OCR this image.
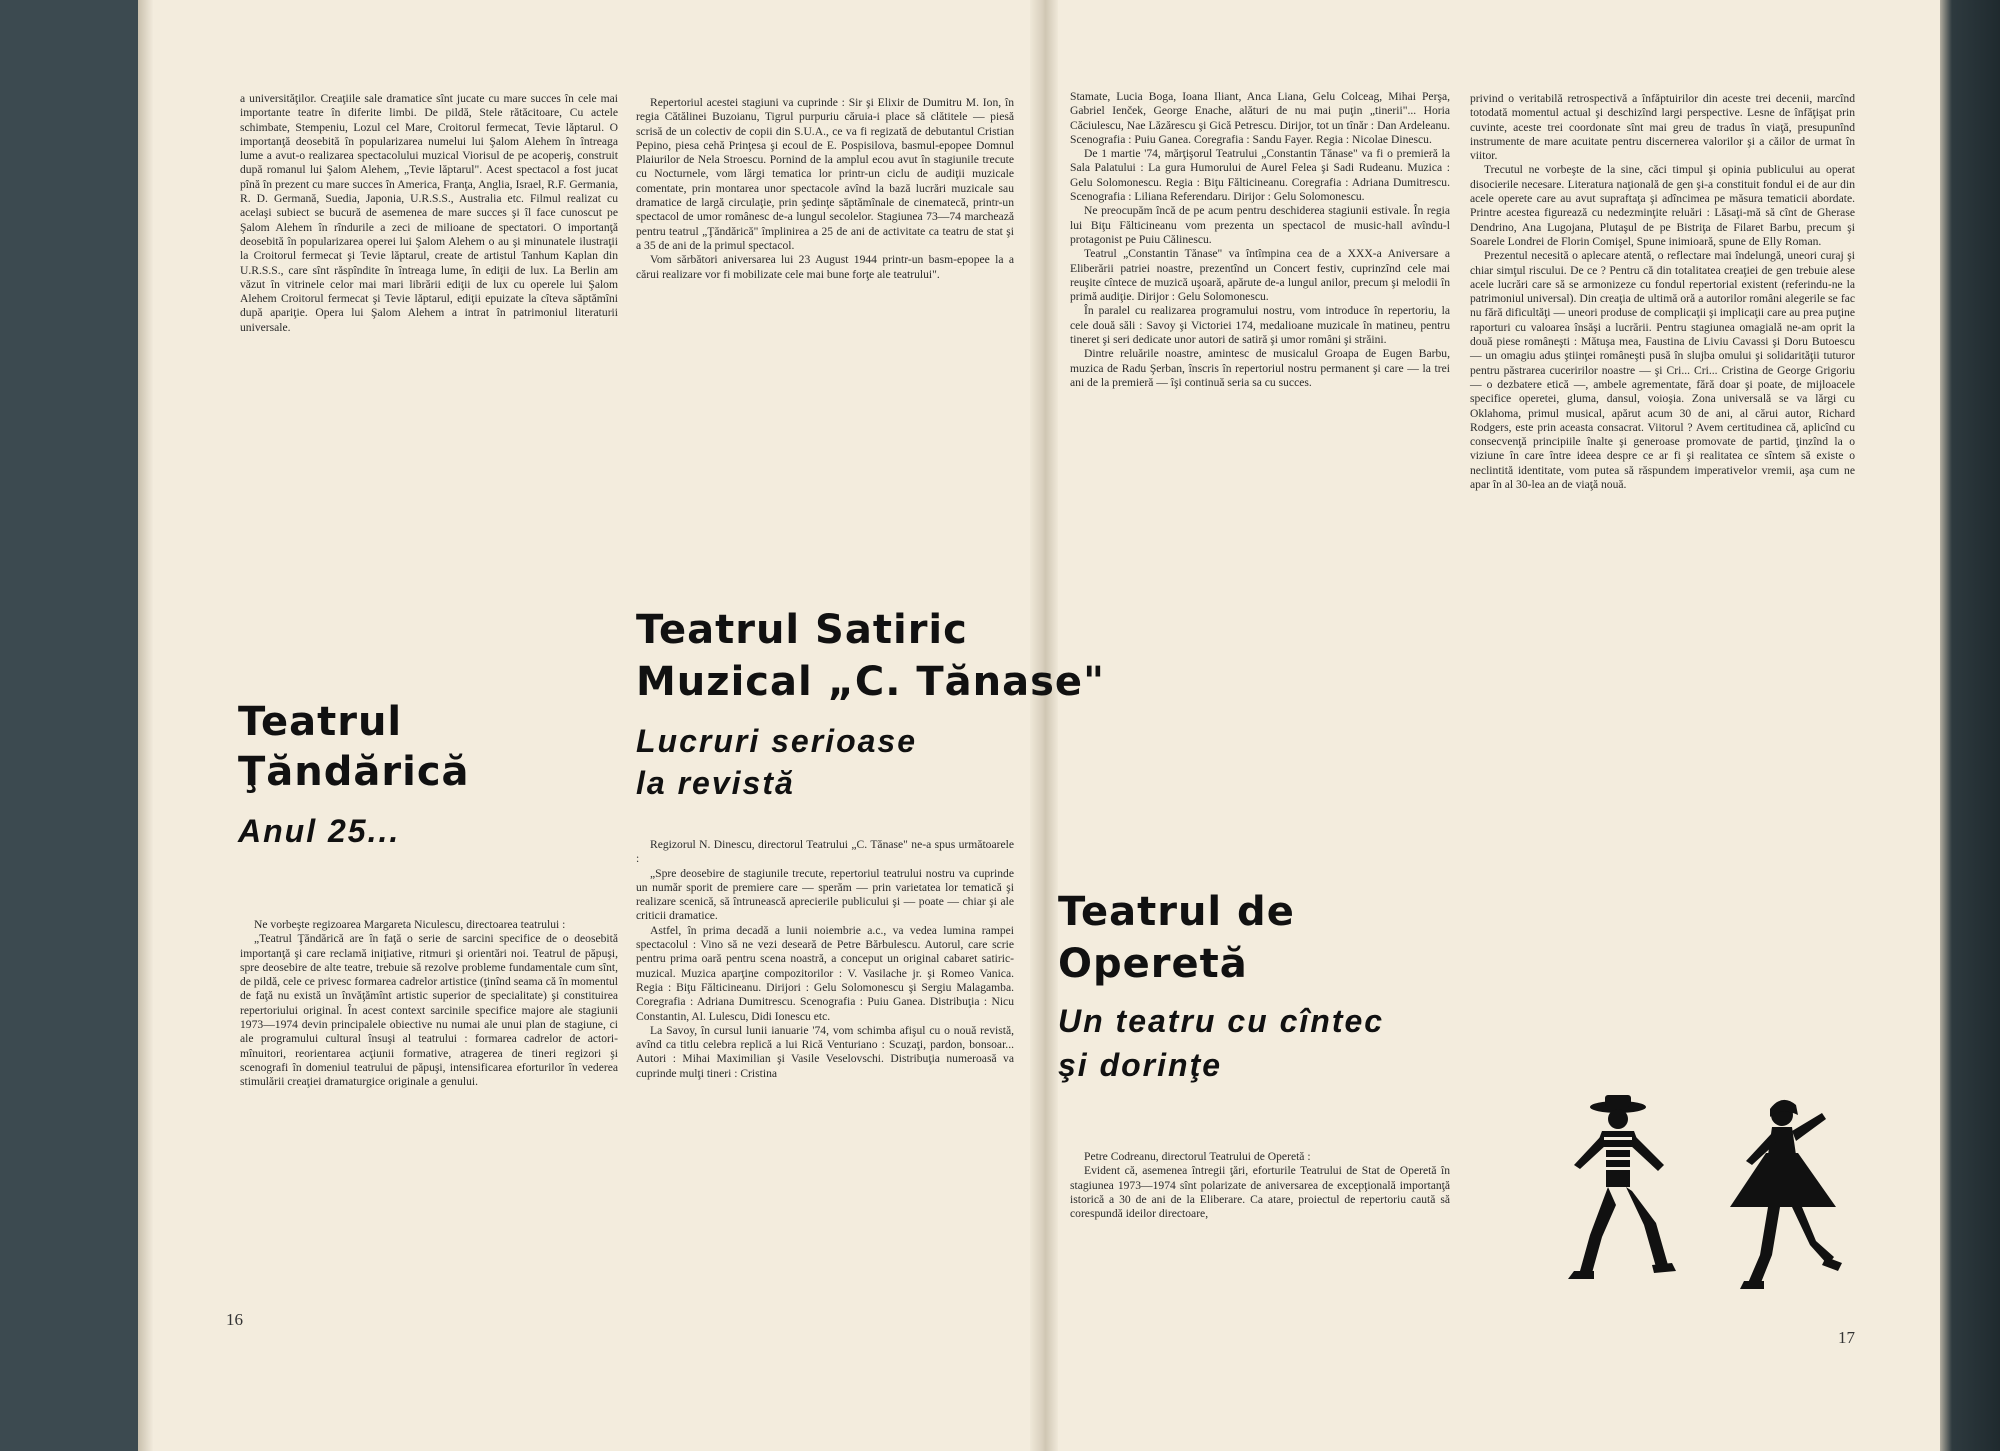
a universităţilor. Creaţiile sale dramatice sînt jucate cu mare succes în cele mai importante teatre în diferite limbi. De pildă, Stele rătăcitoare, Cu actele schimbate, Stempeniu, Lozul cel Mare, Croitorul fermecat, Tevie lăptarul. O importanţă deosebită în popularizarea numelui lui Şalom Alehem în întreaga lume a avut-o realizarea spectacolului muzical Viorisul de pe acoperiş, construit după romanul lui Şalom Alehem, „Tevie lăptarul". Acest spectacol a fost jucat pînă în prezent cu mare succes în America, Franţa, Anglia, Israel, R.F. Germania, R. D. Germană, Suedia, Japonia, U.R.S.S., Australia etc. Filmul realizat cu acelaşi subiect se bucură de asemenea de mare succes şi îl face cunoscut pe Şalom Alehem în rîndurile a zeci de milioane de spectatori. O importanţă deosebită în popularizarea operei lui Şalom Alehem o au şi minunatele ilustraţii la Croitorul fermecat şi Tevie lăptarul, create de artistul Tanhum Kaplan din U.R.S.S., care sînt răspîndite în întreaga lume, în ediţii de lux. La Berlin am văzut în vitrinele celor mai mari librării ediţii de lux cu operele lui Şalom Alehem Croitorul fermecat şi Tevie lăptarul, ediţii epuizate la cîteva săptămîni după apariţie. Opera lui Şalom Alehem a intrat în patrimoniul literaturii universale.

Teatrul
Ţăndărică
Anul 25...

Ne vorbeşte regizoarea Margareta Niculescu, directoarea teatrului :

„Teatrul Ţăndărică are în faţă o serie de sarcini specifice de o deosebită importanţă şi care reclamă iniţiative, ritmuri şi orientări noi. Teatrul de păpuşi, spre deosebire de alte teatre, trebuie să rezolve probleme fundamentale cum sînt, de pildă, cele ce privesc formarea cadrelor artistice (ţinînd seama că în momentul de faţă nu există un învăţămînt artistic superior de specialitate) şi constituirea repertoriului original. În acest context sarcinile specifice majore ale stagiunii 1973—1974 devin principalele obiective nu numai ale unui plan de stagiune, ci ale programului cultural însuşi al teatrului : formarea cadrelor de actori-mînuitori, reorientarea acţiunii formative, atragerea de tineri regizori şi scenografi în domeniul teatrului de păpuşi, intensificarea eforturilor în vederea stimulării creaţiei dramaturgice originale a genului.

Repertoriul acestei stagiuni va cuprinde : Sir şi Elixir de Dumitru M. Ion, în regia Cătălinei Buzoianu, Tigrul purpuriu căruia-i place să clătitele — piesă scrisă de un colectiv de copii din S.U.A., ce va fi regizată de debutantul Cristian Pepino, piesa cehă Prinţesa şi ecoul de E. Pospisilova, basmul-epopee Domnul Plaiurilor de Nela Stroescu. Pornind de la amplul ecou avut în stagiunile trecute cu Nocturnele, vom lărgi tematica lor printr-un ciclu de audiţii muzicale comentate, prin montarea unor spectacole avînd la bază lucrări muzicale sau dramatice de largă circulaţie, prin şedinţe săptămînale de cinematecă, printr-un spectacol de umor românesc de-a lungul secolelor. Stagiunea 73—74 marchează pentru teatrul „Ţăndărică" împlinirea a 25 de ani de activitate ca teatru de stat şi a 35 de ani de la primul spectacol.

Vom sărbători aniversarea lui 23 August 1944 printr-un basm-epopee la a cărui realizare vor fi mobilizate cele mai bune forţe ale teatrului".

Teatrul Satiric
Muzical „C. Tănase"
Lucruri serioase
la revistă

Regizorul N. Dinescu, directorul Teatrului „C. Tănase" ne-a spus următoarele :

„Spre deosebire de stagiunile trecute, repertoriul teatrului nostru va cuprinde un număr sporit de premiere care — sperăm — prin varietatea lor tematică şi realizare scenică, să întrunească aprecierile publicului şi — poate — chiar şi ale criticii dramatice.

Astfel, în prima decadă a lunii noiembrie a.c., va vedea lumina rampei spectacolul : Vino să ne vezi deseară de Petre Bărbulescu. Autorul, care scrie pentru prima oară pentru scena noastră, a conceput un original cabaret satiric-muzical. Muzica aparţine compozitorilor : V. Vasilache jr. şi Romeo Vanica. Regia : Biţu Fălticineanu. Dirijori : Gelu Solomonescu şi Sergiu Malagamba. Coregrafia : Adriana Dumitrescu. Scenografia : Puiu Ganea. Distribuţia : Nicu Constantin, Al. Lulescu, Didi Ionescu etc.

La Savoy, în cursul lunii ianuarie '74, vom schimba afişul cu o nouă revistă, avînd ca titlu celebra replică a lui Rică Venturiano : Scuzaţi, pardon, bonsoar... Autori : Mihai Maximilian şi Vasile Veselovschi. Distribuţia numeroasă va cuprinde mulţi tineri : Cristina

Stamate, Lucia Boga, Ioana Iliant, Anca Liana, Gelu Colceag, Mihai Perşa, Gabriel Ienček, George Enache, alături de nu mai puţin „tinerii"... Horia Căciulescu, Nae Lăzărescu şi Gică Petrescu. Dirijor, tot un tînăr : Dan Ardeleanu. Scenografia : Puiu Ganea. Coregrafia : Sandu Fayer. Regia : Nicolae Dinescu.

De 1 martie '74, mărţişorul Teatrului „Constantin Tănase" va fi o premieră la Sala Palatului : La gura Humorului de Aurel Felea şi Sadi Rudeanu. Muzica : Gelu Solomonescu. Regia : Biţu Fălticineanu. Coregrafia : Adriana Dumitrescu. Scenografia : Liliana Referendaru. Dirijor : Gelu Solomonescu.

Ne preocupăm încă de pe acum pentru deschiderea stagiunii estivale. În regia lui Biţu Fălticineanu vom prezenta un spectacol de music-hall avîndu-l protagonist pe Puiu Călinescu.

Teatrul „Constantin Tănase" va întîmpina cea de a XXX-a Aniversare a Eliberării patriei noastre, prezentînd un Concert festiv, cuprinzînd cele mai reuşite cîntece de muzică uşoară, apărute de-a lungul anilor, precum şi melodii în primă audiţie. Dirijor : Gelu Solomonescu.

În paralel cu realizarea programului nostru, vom introduce în repertoriu, la cele două săli : Savoy şi Victoriei 174, medalioane muzicale în matineu, pentru tineret şi seri dedicate unor autori de satiră şi umor români şi străini.

Dintre reluările noastre, amintesc de musicalul Groapa de Eugen Barbu, muzica de Radu Şerban, înscris în repertoriul nostru permanent şi care — la trei ani de la premieră — îşi continuă seria sa cu succes.

Teatrul de
Operetă
Un teatru cu cîntec
şi dorinţe

Petre Codreanu, directorul Teatrului de Operetă :

Evident că, asemenea întregii ţări, eforturile Teatrului de Stat de Operetă în stagiunea 1973—1974 sînt polarizate de aniversarea de excepţională importanţă istorică a 30 de ani de la Eliberare. Ca atare, proiectul de repertoriu caută să corespundă ideilor directoare,

privind o veritabilă retrospectivă a înfăptuirilor din aceste trei decenii, marcînd totodată momentul actual şi deschizînd largi perspective. Lesne de înfăţişat prin cuvinte, aceste trei coordonate sînt mai greu de tradus în viaţă, presupunînd instrumente de mare acuitate pentru discernerea valorilor şi a căilor de urmat în viitor.

Trecutul ne vorbeşte de la sine, căci timpul şi opinia publicului au operat disocierile necesare. Literatura naţională de gen şi-a constituit fondul ei de aur din acele operete care au avut supraftaţa şi adîncimea pe măsura tematicii abordate. Printre acestea figurează cu nedezminţite reluări : Lăsaţi-mă să cînt de Gherase Dendrino, Ana Lugojana, Plutaşul de pe Bistriţa de Filaret Barbu, precum şi Soarele Londrei de Florin Comişel, Spune inimioară, spune de Elly Roman.

Prezentul necesită o aplecare atentă, o reflectare mai îndelungă, uneori curaj şi chiar simţul riscului. De ce ? Pentru că din totalitatea creaţiei de gen trebuie alese acele lucrări care să se armonizeze cu fondul repertorial existent (referindu-ne la patrimoniul universal). Din creaţia de ultimă oră a autorilor români alegerile se fac nu fără dificultăţi — uneori produse de complicaţii şi implicaţii care au prea puţine raporturi cu valoarea însăşi a lucrării. Pentru stagiunea omagială ne-am oprit la două piese româneşti : Mătuşa mea, Faustina de Liviu Cavassi şi Doru Butoescu — un omagiu adus ştiinţei româneşti pusă în slujba omului şi solidarităţii tuturor pentru păstrarea cuceririlor noastre — şi Cri... Cri... Cristina de George Grigoriu — o dezbatere etică —, ambele agrementate, fără doar şi poate, de mijloacele specifice operetei, gluma, dansul, voioşia. Zona universală se va lărgi cu Oklahoma, primul musical, apărut acum 30 de ani, al cărui autor, Richard Rodgers, este prin aceasta consacrat. Viitorul ? Avem certitudinea că, aplicînd cu consecvenţă principiile înalte şi generoase promovate de partid, ţinzînd la o viziune în care între ideea despre ce ar fi şi realitatea ce sîntem să existe o neclintită identitate, vom putea să răspundem imperativelor vremii, aşa cum ne apar în al 30-lea an de viaţă nouă.

16
17
